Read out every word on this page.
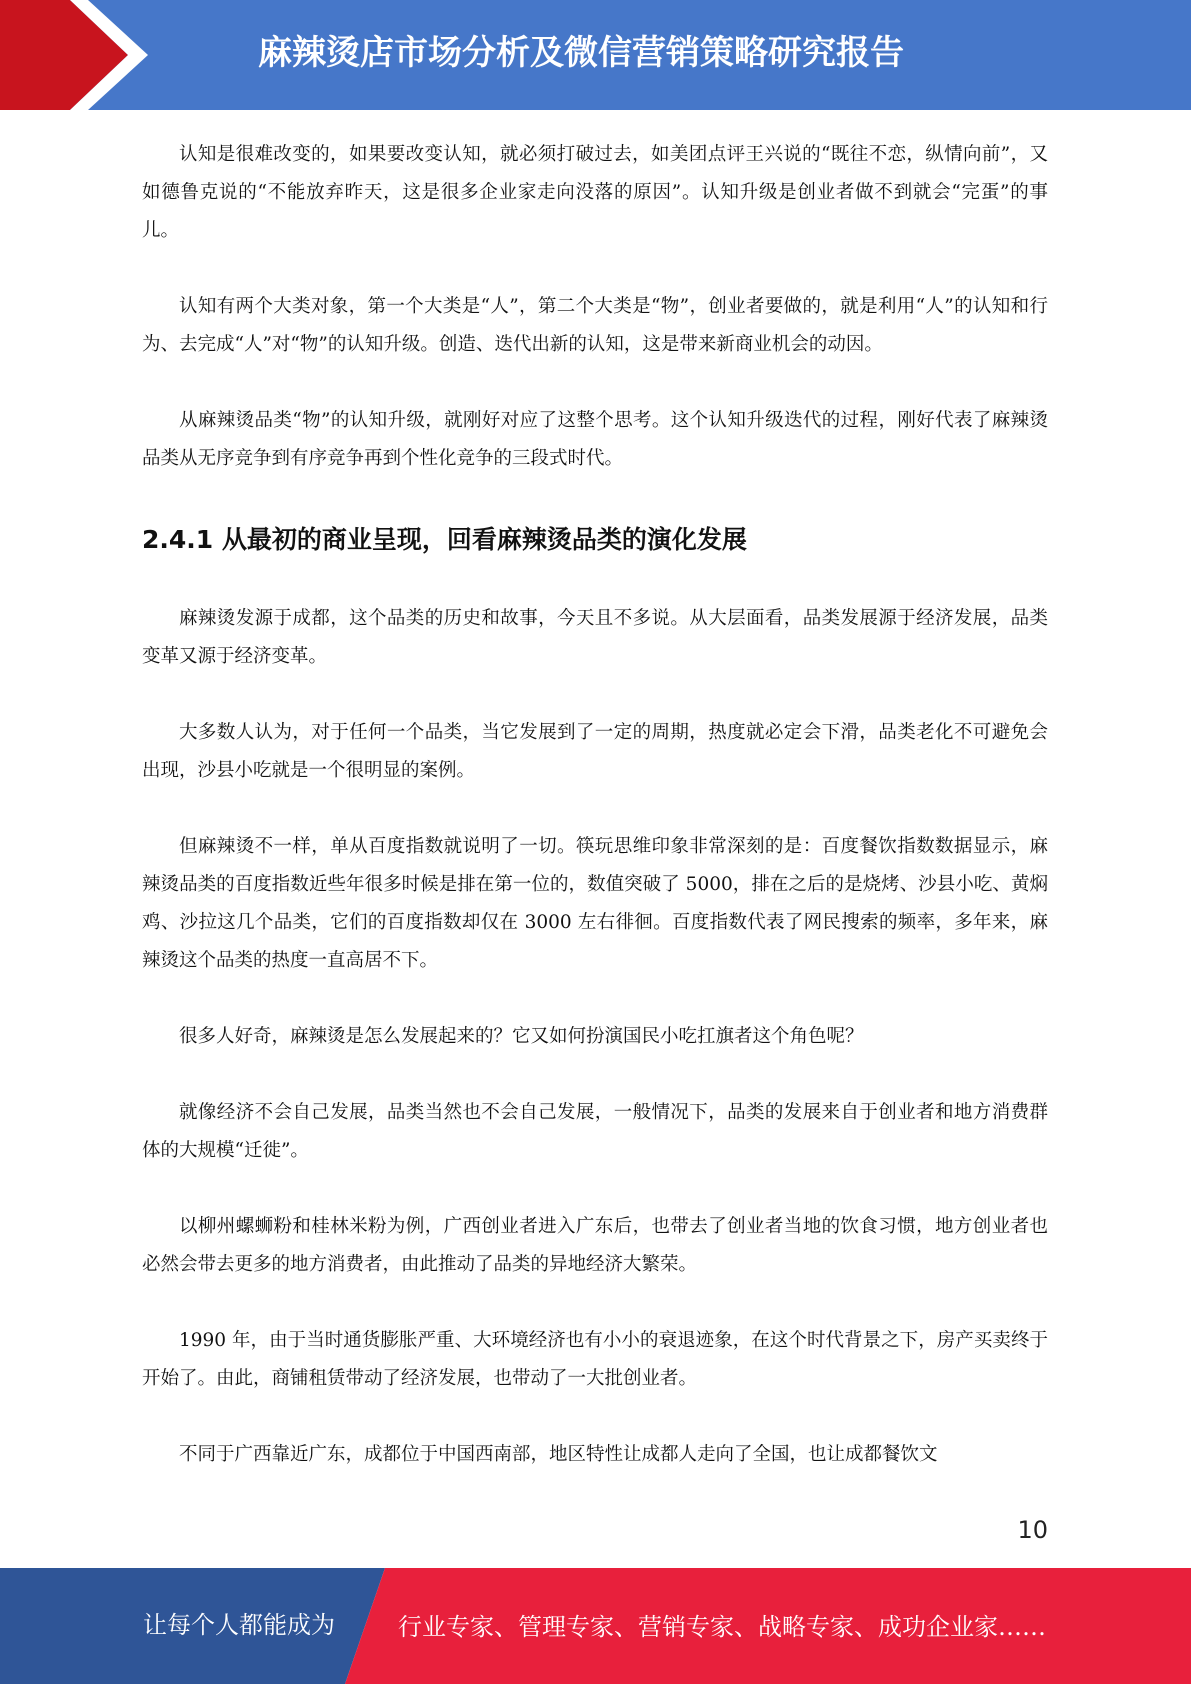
麻辣烫店市场分析及微信营销策略研究报告

认知是很难改变的，如果要改变认知，就必须打破过去，如美团点评王兴说的“既往不恋，纵情向前”，又如德鲁克说的“不能放弃昨天，这是很多企业家走向没落的原因”。认知升级是创业者做不到就会“完蛋”的事儿。

认知有两个大类对象，第一个大类是“人”，第二个大类是“物”，创业者要做的，就是利用“人”的认知和行为、去完成“人”对“物”的认知升级。创造、迭代出新的认知，这是带来新商业机会的动因。

从麻辣烫品类“物”的认知升级，就刚好对应了这整个思考。这个认知升级迭代的过程，刚好代表了麻辣烫品类从无序竞争到有序竞争再到个性化竞争的三段式时代。

2.4.1 从最初的商业呈现，回看麻辣烫品类的演化发展

麻辣烫发源于成都，这个品类的历史和故事，今天且不多说。从大层面看，品类发展源于经济发展，品类变革又源于经济变革。

大多数人认为，对于任何一个品类，当它发展到了一定的周期，热度就必定会下滑，品类老化不可避免会出现，沙县小吃就是一个很明显的案例。

但麻辣烫不一样，单从百度指数就说明了一切。筷玩思维印象非常深刻的是：百度餐饮指数数据显示，麻辣烫品类的百度指数近些年很多时候是排在第一位的，数值突破了 5000，排在之后的是烧烤、沙县小吃、黄焖鸡、沙拉这几个品类，它们的百度指数却仅在 3000 左右徘徊。百度指数代表了网民搜索的频率，多年来，麻辣烫这个品类的热度一直高居不下。

很多人好奇，麻辣烫是怎么发展起来的？它又如何扮演国民小吃扛旗者这个角色呢？

就像经济不会自己发展，品类当然也不会自己发展，一般情况下，品类的发展来自于创业者和地方消费群体的大规模“迁徙”。

以柳州螺蛳粉和桂林米粉为例，广西创业者进入广东后，也带去了创业者当地的饮食习惯，地方创业者也必然会带去更多的地方消费者，由此推动了品类的异地经济大繁荣。

1990 年，由于当时通货膨胀严重、大环境经济也有小小的衰退迹象，在这个时代背景之下，房产买卖终于开始了。由此，商铺租赁带动了经济发展，也带动了一大批创业者。

不同于广西靠近广东，成都位于中国西南部，地区特性让成都人走向了全国，也让成都餐饮文

10
让每个人都能成为	行业专家、管理专家、营销专家、战略专家、成功企业家……
